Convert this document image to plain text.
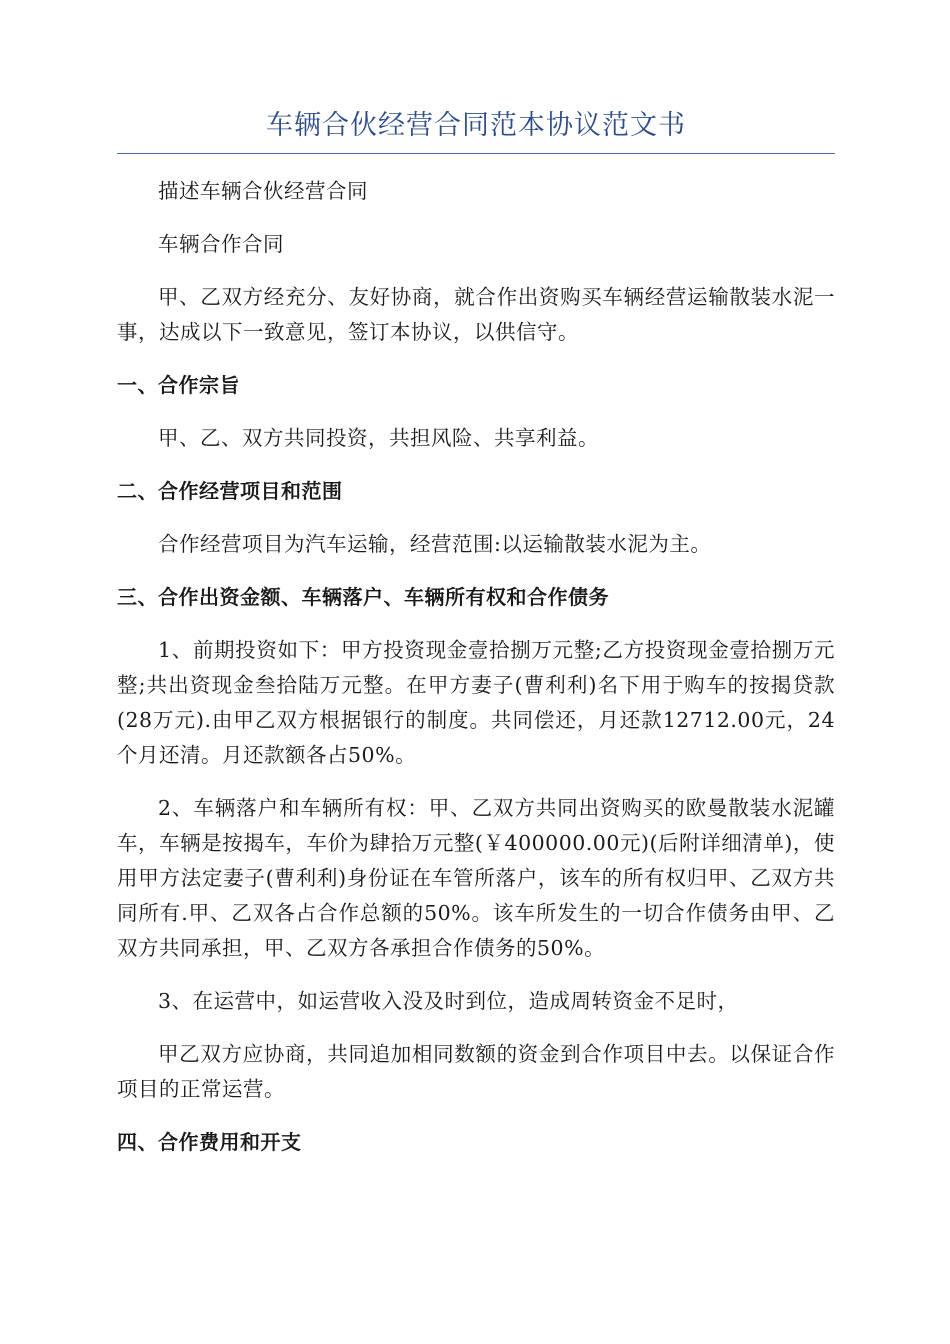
车辆合伙经营合同范本协议范文书

描述车辆合伙经营合同

车辆合作合同

甲、乙双方经充分、友好协商，就合作出资购买车辆经营运输散装水泥一事，达成以下一致意见，签订本协议，以供信守。

一、合作宗旨

甲、乙、双方共同投资，共担风险、共享利益。

二、合作经营项目和范围

合作经营项目为汽车运输，经营范围:以运输散装水泥为主。

三、合作出资金额、车辆落户、车辆所有权和合作债务

1、前期投资如下：甲方投资现金壹拾捌万元整;乙方投资现金壹拾捌万元整;共出资现金叁拾陆万元整。在甲方妻子(曹利利)名下用于购车的按揭贷款(28万元).由甲乙双方根据银行的制度。共同偿还，月还款12712.00元，24个月还清。月还款额各占50%。

2、车辆落户和车辆所有权：甲、乙双方共同出资购买的欧曼散装水泥罐车，车辆是按揭车，车价为肆拾万元整(￥400000.00元)(后附详细清单)，使用甲方法定妻子(曹利利)身份证在车管所落户，该车的所有权归甲、乙双方共同所有.甲、乙双各占合作总额的50%。该车所发生的一切合作债务由甲、乙双方共同承担，甲、乙双方各承担合作债务的50%。

3、在运营中，如运营收入没及时到位，造成周转资金不足时，

甲乙双方应协商，共同追加相同数额的资金到合作项目中去。以保证合作项目的正常运营。

四、合作费用和开支
